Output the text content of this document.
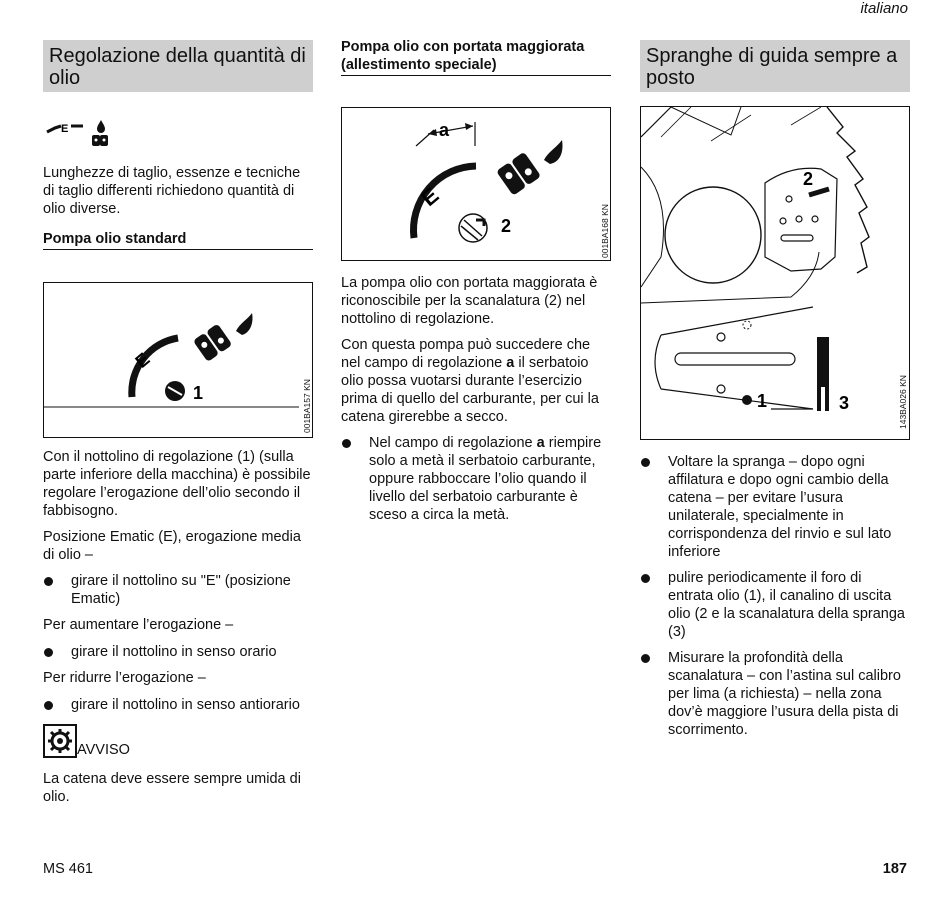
italiano
Regolazione della quantità di olio
E

Lunghezze di taglio, essenze e tecniche di taglio differenti richiedono quantità di olio diverse.

Pompa olio standard
E
1	001BA157 KN

Con il nottolino di regolazione (1) (sulla parte inferiore della macchina) è possibile regolare l’erogazione dell’olio secondo il fabbisogno.

Posizione Ematic (E), erogazione media di olio –

girare il nottolino su "E" (posizione Ematic)

Per aumentare l’erogazione –

girare il nottolino in senso orario

Per ridurre l’erogazione –

girare il nottolino in senso antiorario

AVVISO

La catena deve essere sempre umida di olio.

Pompa olio con portata maggiorata (allestimento speciale)
a
E
2	001BA168 KN

La pompa olio con portata maggiorata è riconoscibile per la scanalatura (2) nel nottolino di regolazione.

Con questa pompa può succedere che nel campo di regolazione a il serbatoio olio possa vuotarsi durante l’esercizio prima di quello del carburante, per cui la catena girerebbe a secco.

Nel campo di regolazione a riempire solo a metà il serbatoio carburante, oppure rabboccare l’olio quando il livello del serbatoio carburante è sceso a circa la metà.

Spranghe di guida sempre a posto
2
1	3	143BA026 KN

Voltare la spranga – dopo ogni affilatura e dopo ogni cambio della catena – per evitare l’usura unilaterale, specialmente in corrispondenza del rinvio e sul lato inferiore

pulire periodicamente il foro di entrata olio (1), il canalino di uscita olio (2 e la scanalatura della spranga (3)

Misurare la profondità della scanalatura – con l’astina sul calibro per lima (a richiesta) – nella zona dov’è maggiore l’usura della pista di scorrimento.

MS 461	187
